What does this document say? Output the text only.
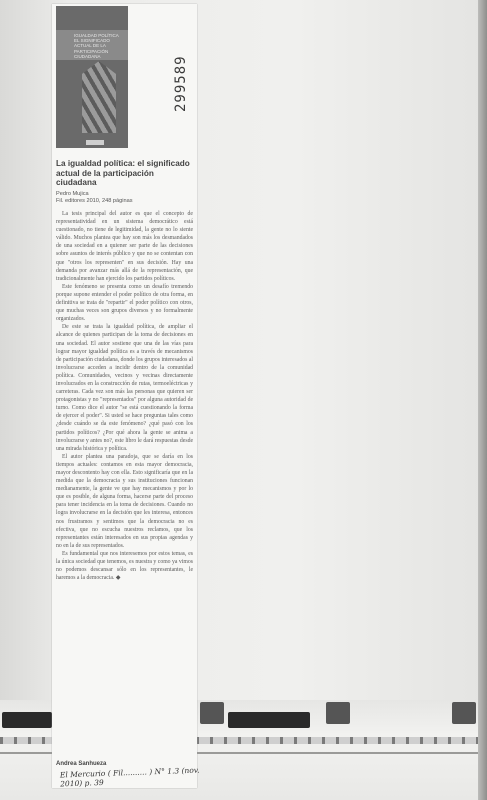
IGUALDAD POLÍTICA
EL SIGNIFICADO ACTUAL DE LA
PARTICIPACIÓN CIUDADANA	299589
La igualdad política: el significado actual de la participación ciudadana
Pedro Mujica
Fil. editores 2010, 248 páginas

La tesis principal del autor es que el concepto de representatividad en un sistema democrático está cuestionado, no tiene de legitimidad, la gente no lo siente válido. Muchos plantea que hay son más los desmandados de una sociedad en a quiener ser parte de las decisiones sobre asuntos de interés público y que no se contentan con que "otros los representen" en sus decisión. Hay una demanda por avanzar más allá de la representación, que tradicionalmente han ejercido los partidos políticos.

Este fenómeno se presenta como un desafío tremendo porque supone entender el poder político de otra forma, en definitiva se trata de "repartir" el poder político con otros, que muchas veces son grupos diversos y no formalmente organizados.

De este se trata la igualdad política, de ampliar el alcance de quienes participan de la toma de decisiones en una sociedad. El autor sostiene que una de las vías para lograr mayor igualdad política es a través de mecanismos de participación ciudadana, donde los grupos interesados al involucrarse acceden a incidir dentro de la comunidad política. Comunidades, vecinos y vecinas directamente involucrados en la construcción de rutas, termoeléctricas y carreteras. Cada vez son más las personas que quieren ser protagonistas y no "representados" por alguna autoridad de turno. Como dice el autor "se está cuestionando la forma de ejercer el poder". Si usted se hace preguntas tales como ¿desde cuándo se da este fenómeno? ¿qué pasó con los partidos políticos? ¿Por qué ahora la gente se anima a involucrarse y antes no?, este libro le dará respuestas desde una mirada histórica y política.

El autor plantea una paradoja, que se daría en los tiempos actuales: contamos en esta mayor democracia, mayor descontento hay con ella. Esto significaría que en la medida que la democracia y sus instituciones funcionan medianamente, la gente ve que hay mecanismos y por lo que es posible, de alguna forma, hacerse parte del proceso para tener incidencia en la toma de decisiones. Cuando no logra involucrarse en la decisión que les interesa, entonces nos frustramos y sentimos que la democracia no es efectiva, que no escucha nuestros reclamos, que los representantes están interesados en sus propias agendas y no en la de sus representados.

Es fundamental que nos interesemos por estos temas, es la única sociedad que tenemos, es nuestra y como ya vimos no podemos descansar sólo en los representantes, le haremos a la democracia. ◆

Andrea Sanhueza
El Mercurio ( Fil.......... ) N° 1.3 (nov. 2010) p. 39
